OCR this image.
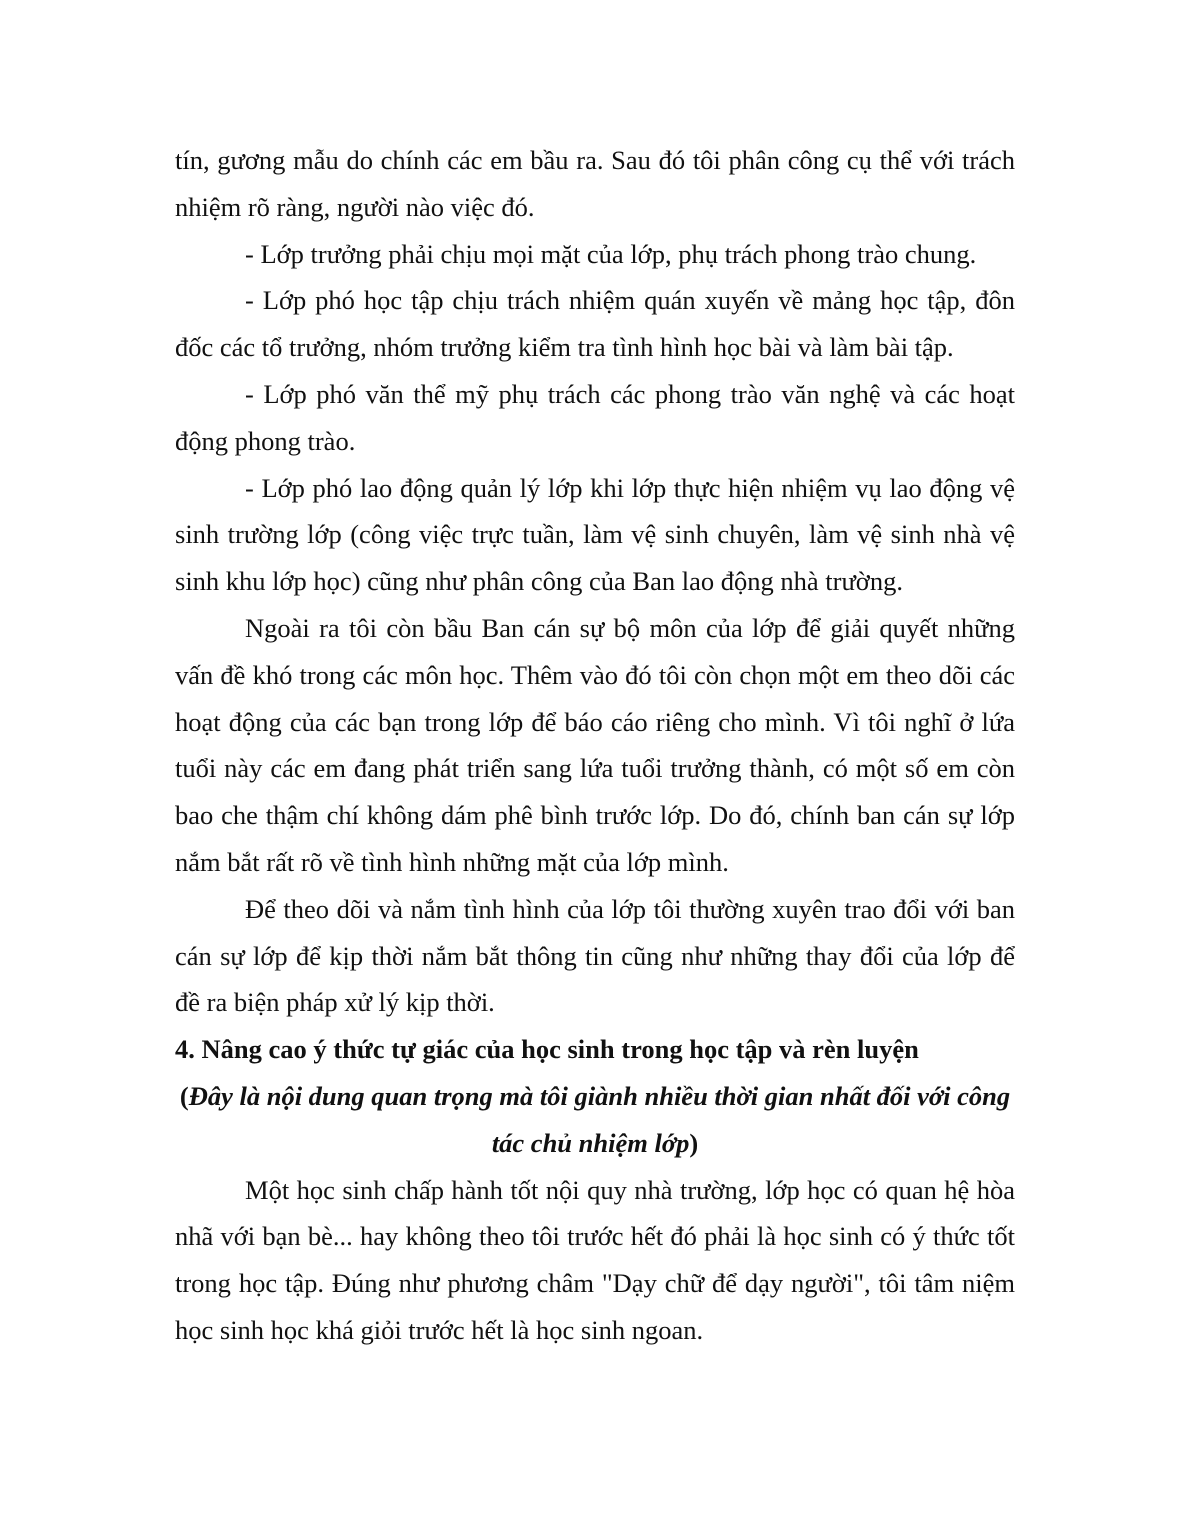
tín, gương mẫu do chính các em bầu ra. Sau đó tôi phân công cụ thể với trách nhiệm rõ ràng, người nào việc đó.

- Lớp trưởng phải chịu mọi mặt của lớp, phụ trách phong trào chung.

- Lớp phó học tập chịu trách nhiệm quán xuyến về mảng học tập, đôn đốc các tổ trưởng, nhóm trưởng kiểm tra tình hình học bài và làm bài tập.

- Lớp phó văn thể mỹ phụ trách các phong trào văn nghệ và các hoạt động phong trào.

- Lớp phó lao động quản lý lớp khi lớp thực hiện nhiệm vụ lao động vệ sinh trường lớp (công việc trực tuần, làm vệ sinh chuyên, làm vệ sinh nhà vệ sinh khu lớp học) cũng như phân công của Ban lao động nhà trường.

Ngoài ra tôi còn bầu Ban cán sự bộ môn của lớp để giải quyết những vấn đề khó trong các môn học. Thêm vào đó tôi còn chọn một em theo dõi các hoạt động của các bạn trong lớp để báo cáo riêng cho mình. Vì tôi nghĩ ở lứa tuổi này các em đang phát triển sang lứa tuổi trưởng thành, có một số em còn bao che thậm chí không dám phê bình trước lớp. Do đó, chính ban cán sự lớp nắm bắt rất rõ về tình hình những mặt của lớp mình.

Để theo dõi và nắm tình hình của lớp tôi thường xuyên trao đổi với ban cán sự lớp để kịp thời nắm bắt thông tin cũng như những thay đổi của lớp để đề ra biện pháp xử lý kịp thời.

4. Nâng cao ý thức tự giác của học sinh trong học tập và rèn luyện

(Đây là nội dung quan trọng mà tôi giành nhiều thời gian nhất đối với công tác chủ nhiệm lớp)

Một học sinh chấp hành tốt nội quy nhà trường, lớp học có quan hệ hòa nhã với bạn bè... hay không theo tôi trước hết đó phải là học sinh có ý thức tốt trong học tập. Đúng như phương châm "Dạy chữ để dạy người", tôi tâm niệm học sinh học khá giỏi trước hết là học sinh ngoan.
